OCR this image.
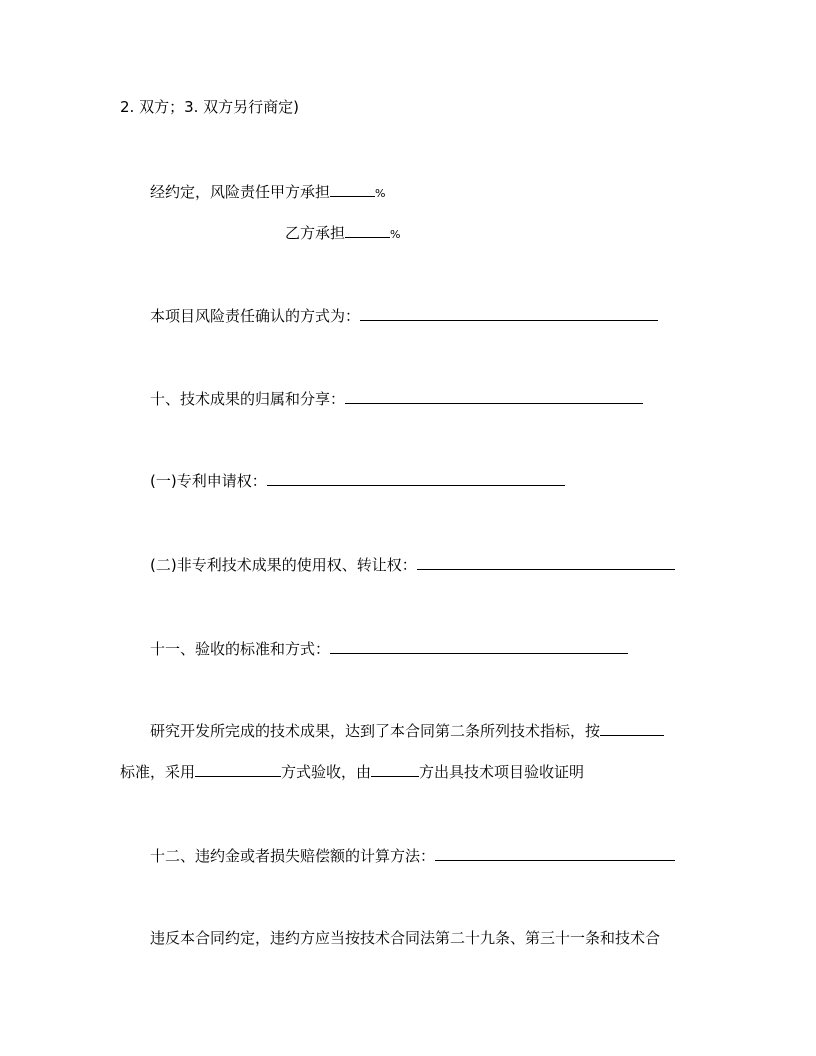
2. 双方；3. 双方另行商定)
经约定，风险责任甲方承担	%
乙方承担	%
本项目风险责任确认的方式为：
十、技术成果的归属和分享：
(一)专利申请权：
(二)非专利技术成果的使用权、转让权：
十一、验收的标准和方式：
研究开发所完成的技术成果，达到了本合同第二条所列技术指标，按
标准，采用	方式验收，由	方出具技术项目验收证明
十二、违约金或者损失赔偿额的计算方法：
违反本合同约定，违约方应当按技术合同法第二十九条、第三十一条和技术合
